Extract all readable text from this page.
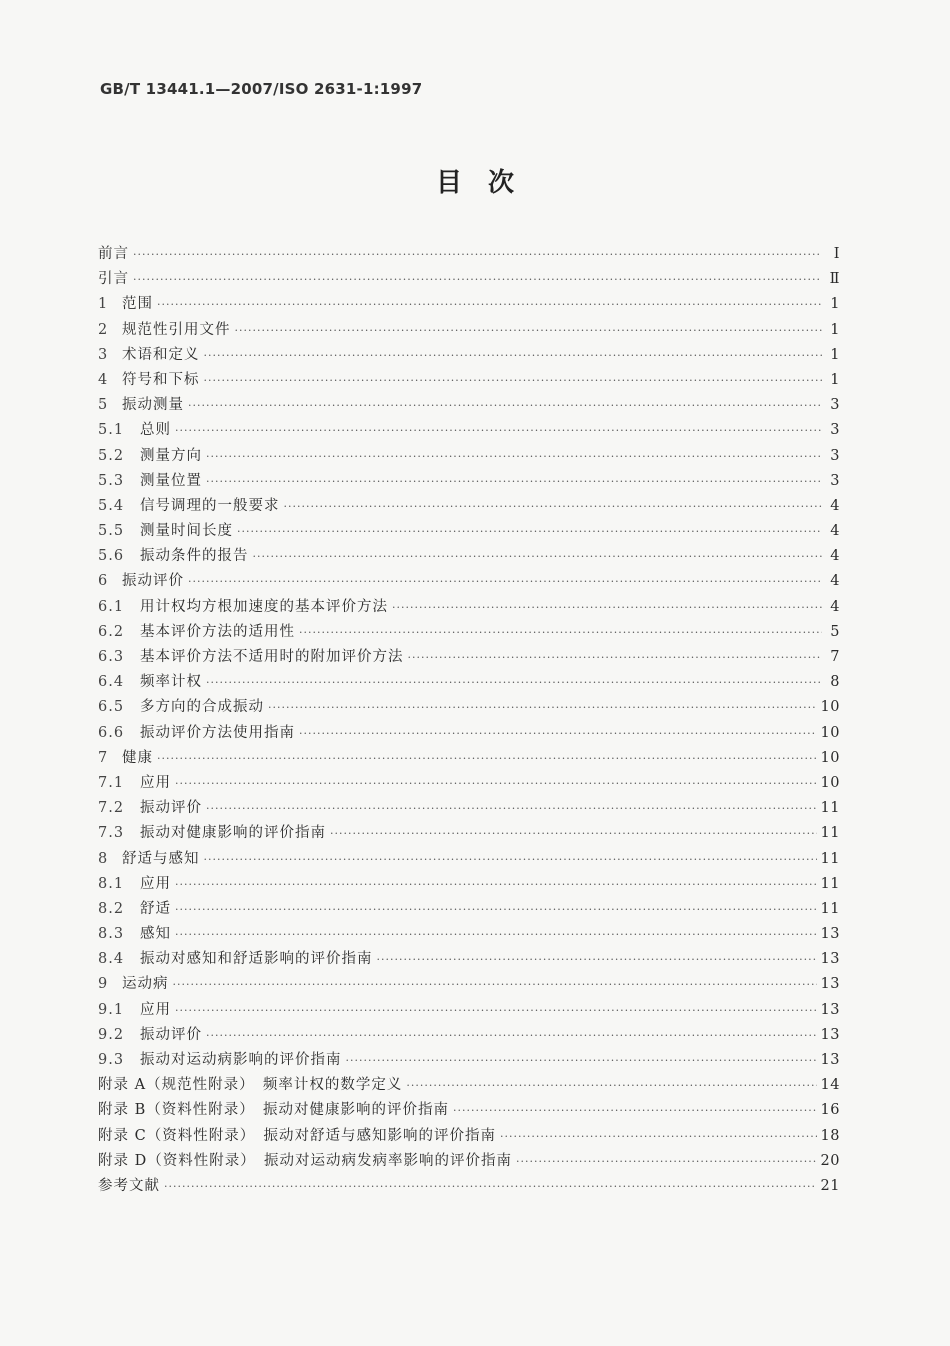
GB/T 13441.1—2007/ISO 2631-1:1997
目　次
前言 ·····	Ⅰ
引言 ·····	Ⅱ
1 范围 ·····	1
2 规范性引用文件 ·····	1
3 术语和定义 ·····	1
4 符号和下标 ·····	1
5 振动测量 ·····	3
5.1 总则 ·····	3
5.2 测量方向 ·····	3
5.3 测量位置 ·····	3
5.4 信号调理的一般要求 ·····	4
5.5 测量时间长度 ·····	4
5.6 振动条件的报告 ·····	4
6 振动评价 ·····	4
6.1 用计权均方根加速度的基本评价方法 ·····	4
6.2 基本评价方法的适用性 ·····	5
6.3 基本评价方法不适用时的附加评价方法 ·····	7
6.4 频率计权 ·····	8
6.5 多方向的合成振动 ·····	10
6.6 振动评价方法使用指南 ·····	10
7 健康 ·····	10
7.1 应用 ·····	10
7.2 振动评价 ·····	11
7.3 振动对健康影响的评价指南 ·····	11
8 舒适与感知 ·····	11
8.1 应用 ·····	11
8.2 舒适 ·····	11
8.3 感知 ·····	13
8.4 振动对感知和舒适影响的评价指南 ·····	13
9 运动病 ·····	13
9.1 应用 ·····	13
9.2 振动评价 ·····	13
9.3 振动对运动病影响的评价指南 ·····	13
附录 A（规范性附录）　频率计权的数学定义 ·····	14
附录 B（资料性附录）　振动对健康影响的评价指南 ·····	16
附录 C（资料性附录）　振动对舒适与感知影响的评价指南 ·····	18
附录 D（资料性附录）　振动对运动病发病率影响的评价指南 ·····	20
参考文献 ·····	21
